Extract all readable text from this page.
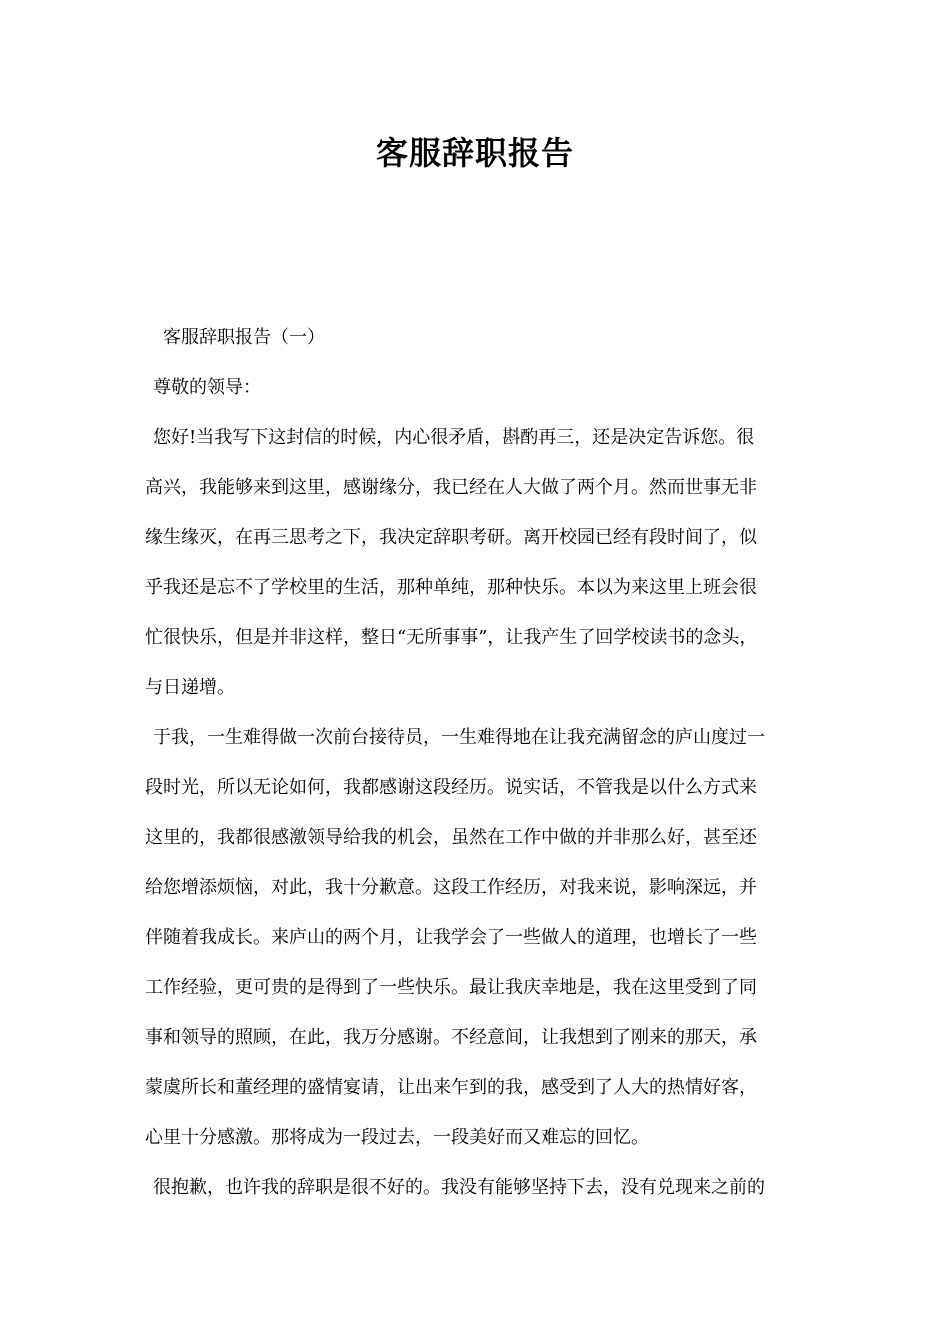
客服辞职报告
客服辞职报告（一）
尊敬的领导：
您好!当我写下这封信的时候，内心很矛盾，斟酌再三，还是决定告诉您。很
高兴，我能够来到这里，感谢缘分，我已经在人大做了两个月。然而世事无非
缘生缘灭，在再三思考之下，我决定辞职考研。离开校园已经有段时间了，似
乎我还是忘不了学校里的生活，那种单纯，那种快乐。本以为来这里上班会很
忙很快乐，但是并非这样，整日“无所事事”，让我产生了回学校读书的念头，
与日递增。
于我，一生难得做一次前台接待员，一生难得地在让我充满留念的庐山度过一
段时光，所以无论如何，我都感谢这段经历。说实话，不管我是以什么方式来
这里的，我都很感激领导给我的机会，虽然在工作中做的并非那么好，甚至还
给您增添烦恼，对此，我十分歉意。这段工作经历，对我来说，影响深远，并
伴随着我成长。来庐山的两个月，让我学会了一些做人的道理，也增长了一些
工作经验，更可贵的是得到了一些快乐。最让我庆幸地是，我在这里受到了同
事和领导的照顾，在此，我万分感谢。不经意间，让我想到了刚来的那天，承
蒙虞所长和董经理的盛情宴请，让出来乍到的我，感受到了人大的热情好客，
心里十分感激。那将成为一段过去，一段美好而又难忘的回忆。
很抱歉，也许我的辞职是很不好的。我没有能够坚持下去，没有兑现来之前的
